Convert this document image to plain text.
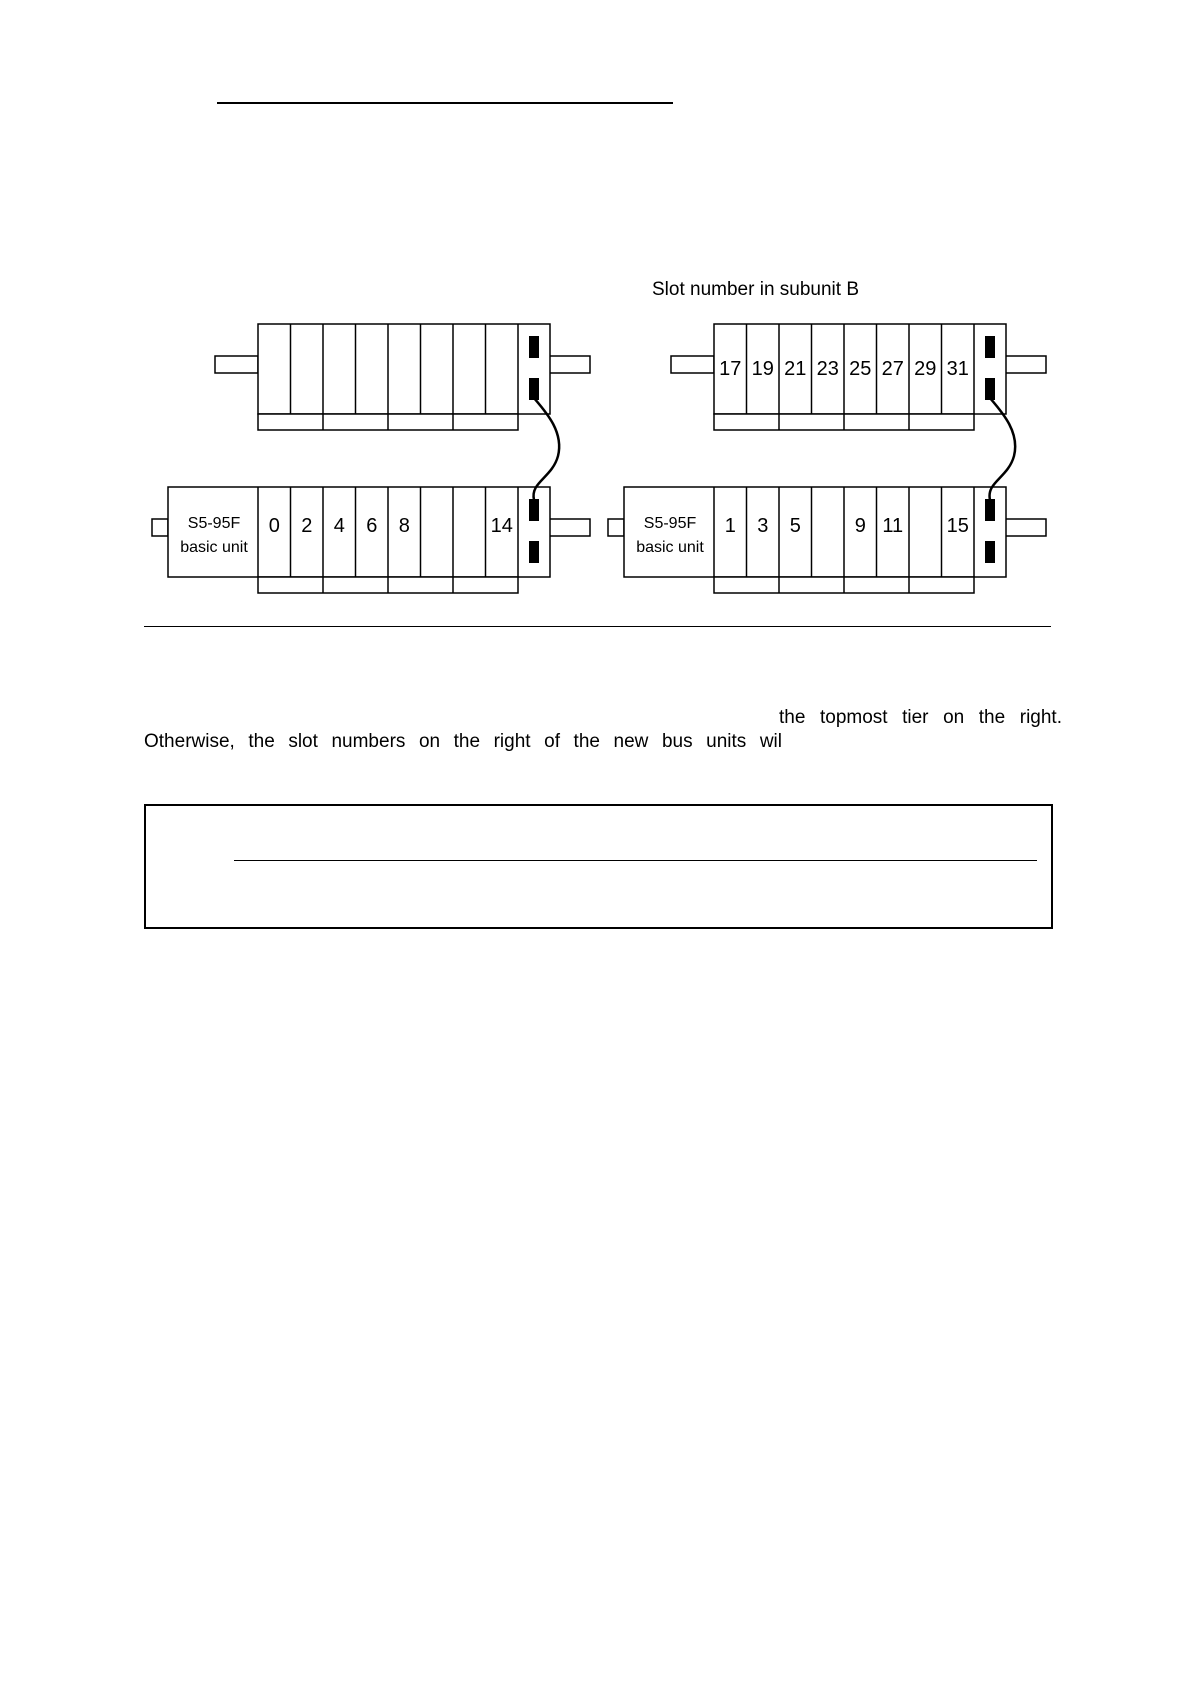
Slot number in subunit B
S5-95F
basic unit
0 2 4 6 8	14
17 19 21 23 25 27 29 31
S5-95F
basic unit
1 3 5	9 11 15
the topmost tier on the right.
Otherwise, the slot numbers on the right of the new bus units wil
